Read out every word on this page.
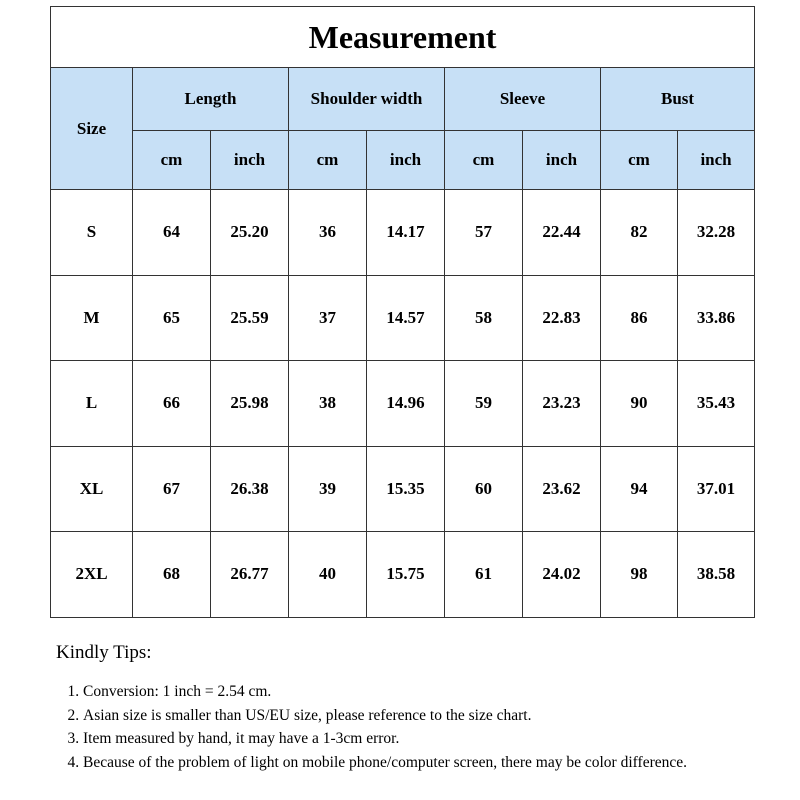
Measurement								
Size	Length		Shoulder width		Sleeve		Bust	
	cm	inch	cm	inch	cm	inch	cm	inch
S	64	25.20	36	14.17	57	22.44	82	32.28
M	65	25.59	37	14.57	58	22.83	86	33.86
L	66	25.98	38	14.96	59	23.23	90	35.43
XL	67	26.38	39	15.35	60	23.62	94	37.01
2XL	68	26.77	40	15.75	61	24.02	98	38.58
Kindly Tips:
1. Conversion: 1 inch = 2.54 cm.
2. Asian size is smaller than US/EU size, please reference to the size chart.
3. Item measured by hand, it may have a 1-3cm error.
4. Because of the problem of light on mobile phone/computer screen, there may be color difference.
